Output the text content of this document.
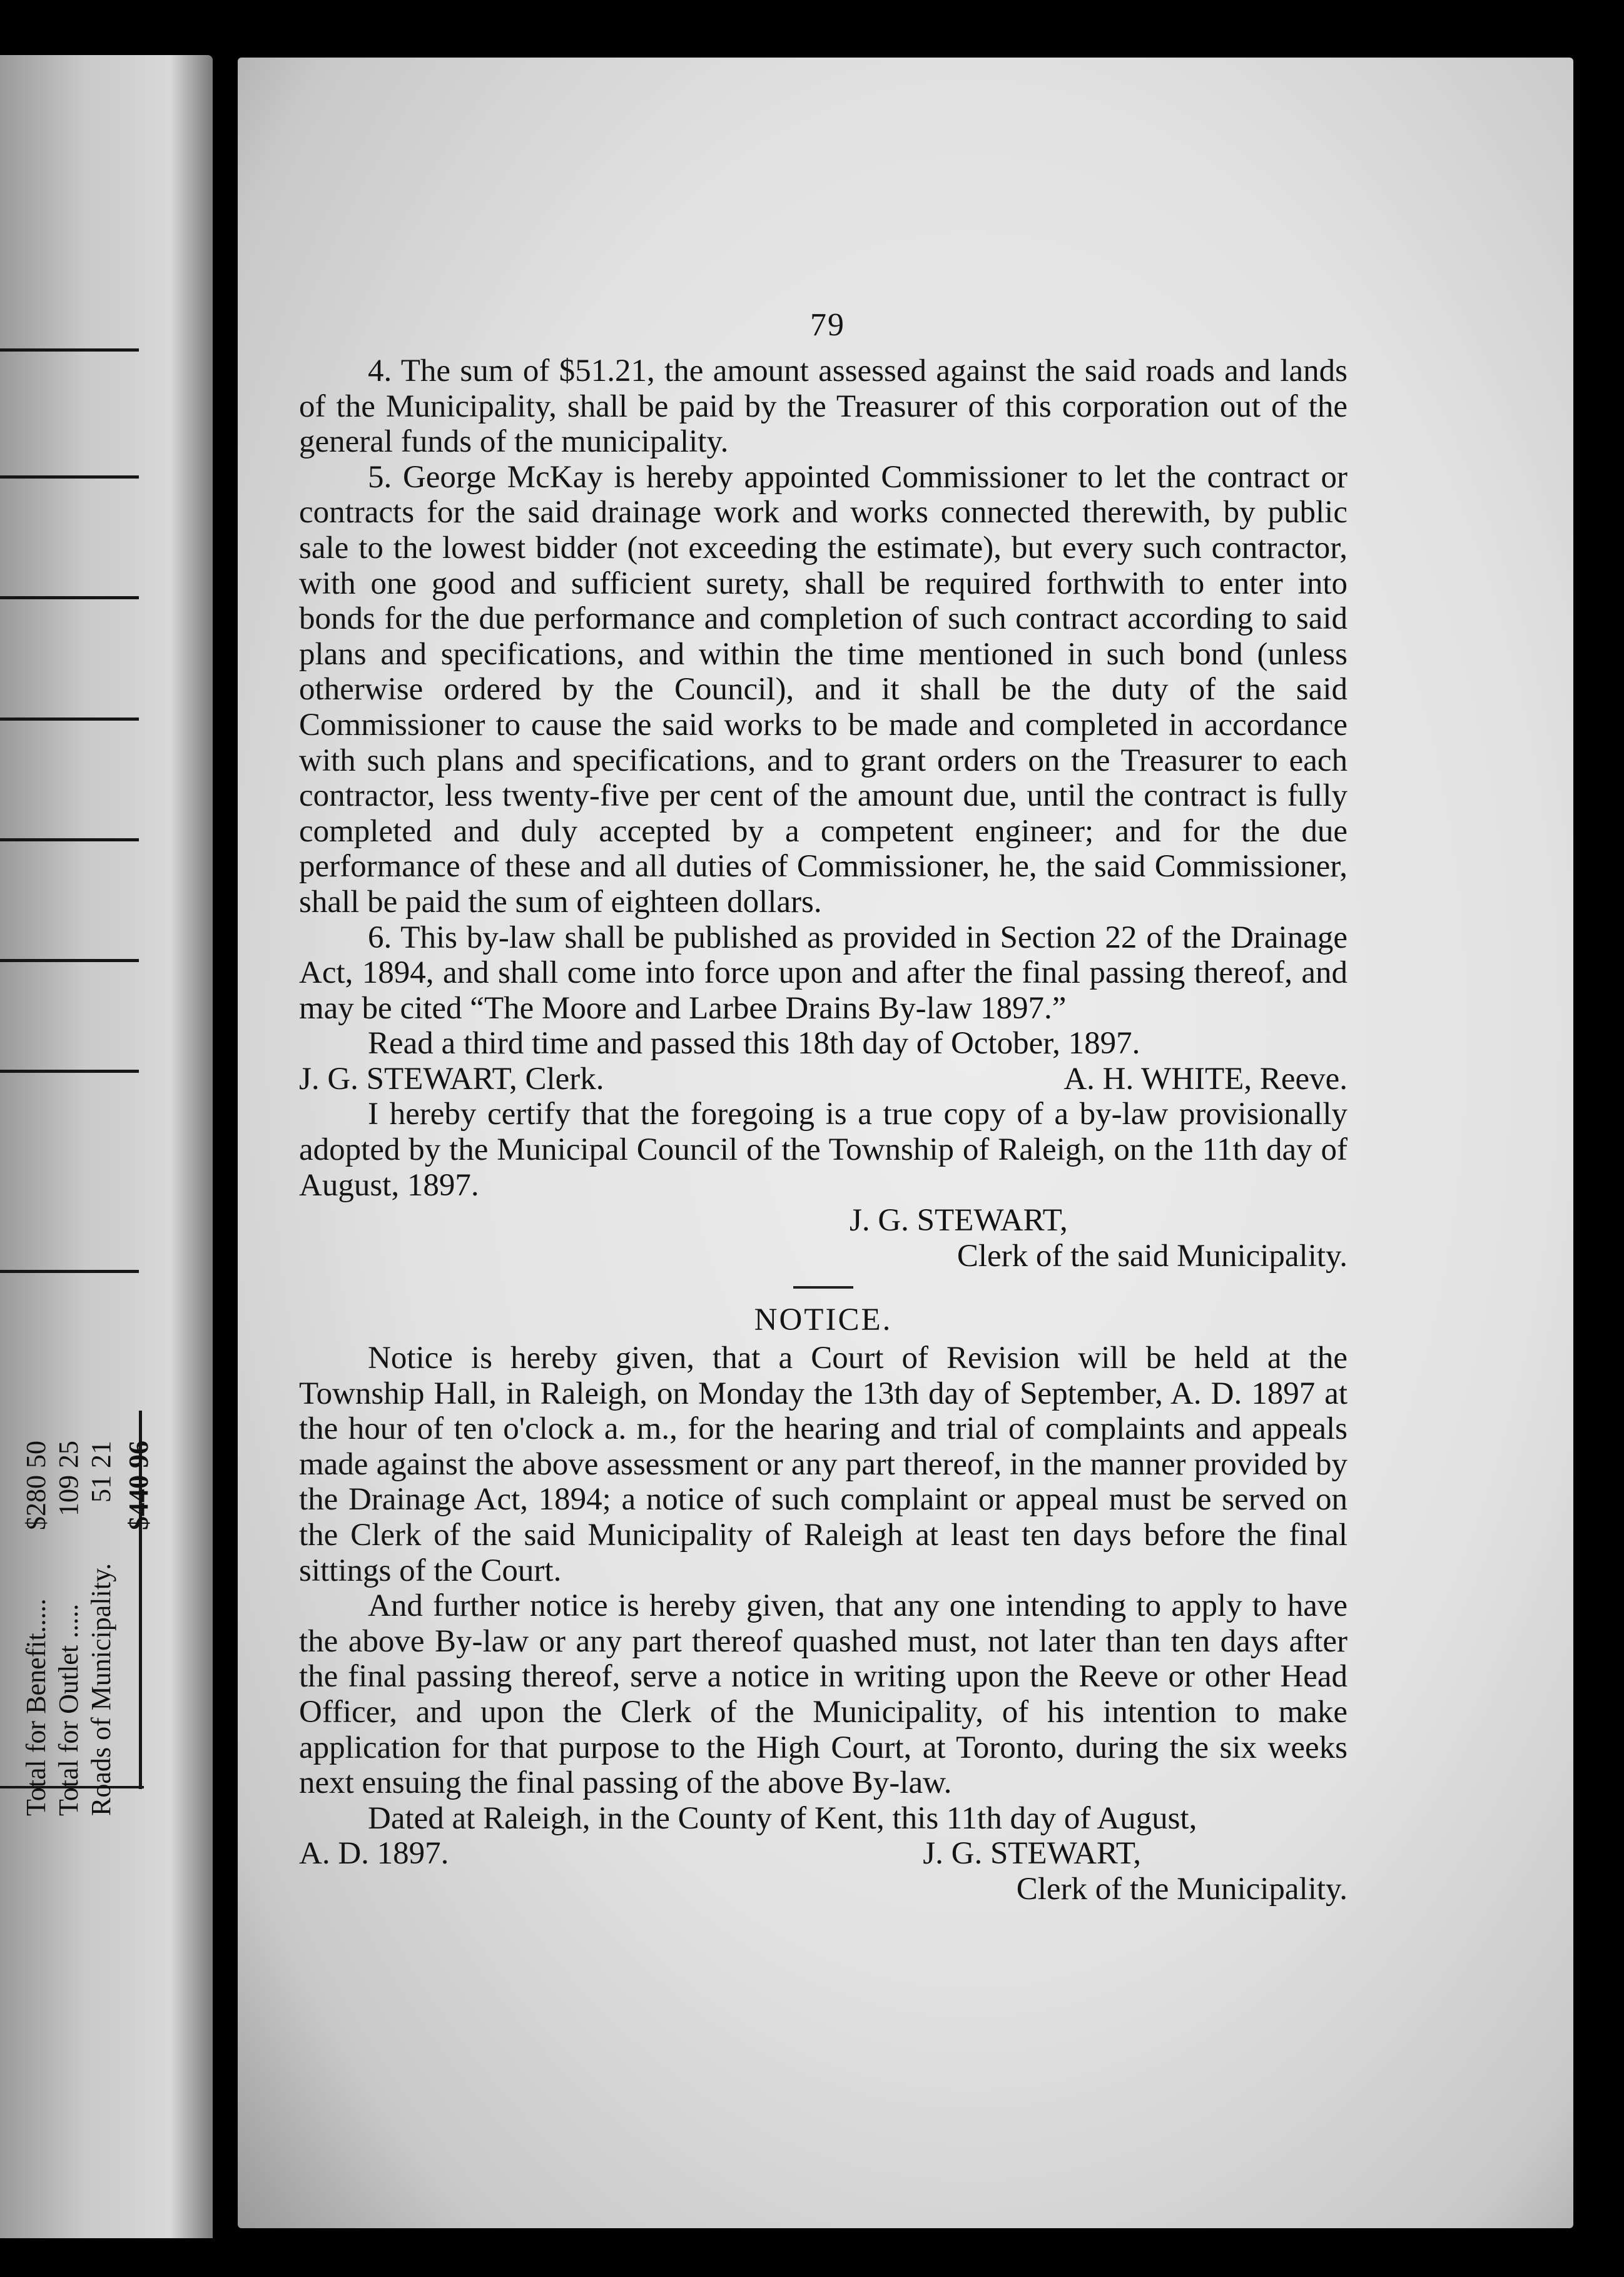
Total for Benefit.....
$280 50
Total for Outlet .....
109 25
Roads of Municipality.
51 21 $440 96
79

4. The sum of $51.21, the amount assessed against the said roads and lands of the Municipality, shall be paid by the Treasurer of this corporation out of the general funds of the municipality.

5. George McKay is hereby appointed Commissioner to let the contract or contracts for the said drainage work and works connected therewith, by public sale to the lowest bidder (not exceeding the estimate), but every such contractor, with one good and sufficient surety, shall be required forthwith to enter into bonds for the due performance and completion of such contract according to said plans and specifications, and within the time mentioned in such bond (unless otherwise ordered by the Council), and it shall be the duty of the said Commissioner to cause the said works to be made and completed in accordance with such plans and specifications, and to grant orders on the Treasurer to each contractor, less twenty-five per cent of the amount due, until the contract is fully completed and duly accepted by a competent engineer; and for the due performance of these and all duties of Commissioner, he, the said Commissioner, shall be paid the sum of eighteen dollars.

6. This by-law shall be published as provided in Section 22 of the Drainage Act, 1894, and shall come into force upon and after the final passing thereof, and may be cited “The Moore and Larbee Drains By-law 1897.”

Read a third time and passed this 18th day of October, 1897.

J. G. STEWART, Clerk.	A. H. WHITE, Reeve.

I hereby certify that the foregoing is a true copy of a by-law provisionally adopted by the Municipal Council of the Township of Raleigh, on the 11th day of August, 1897.

J. G. STEWART,
Clerk of the said Municipality.
NOTICE.

Notice is hereby given, that a Court of Revision will be held at the Township Hall, in Raleigh, on Monday the 13th day of September, A. D. 1897 at the hour of ten o'clock a. m., for the hearing and trial of complaints and appeals made against the above assessment or any part thereof, in the manner provided by the Drainage Act, 1894; a notice of such complaint or appeal must be served on the Clerk of the said Municipality of Raleigh at least ten days before the final sittings of the Court.

And further notice is hereby given, that any one intending to apply to have the above By-law or any part thereof quashed must, not later than ten days after the final passing thereof, serve a notice in writing upon the Reeve or other Head Officer, and upon the Clerk of the Municipality, of his intention to make application for that purpose to the High Court, at Toronto, during the six weeks next ensuing the final passing of the above By-law.

Dated at Raleigh, in the County of Kent, this 11th day of August,

A. D. 1897.	J. G. STEWART,
Clerk of the Municipality.
